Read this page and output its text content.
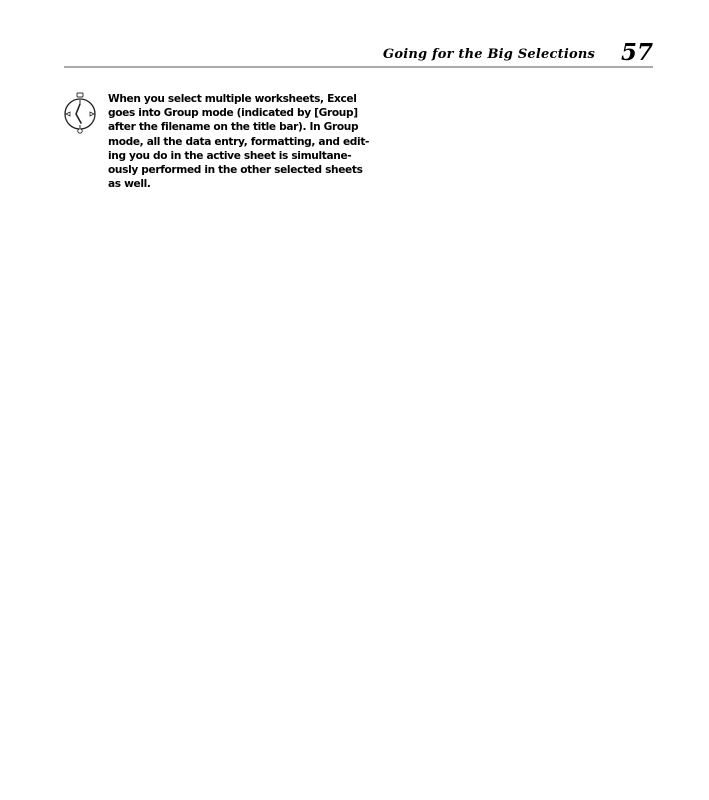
Going for the Big Selections 57

When you select multiple worksheets, Excel
goes into Group mode (indicated by [Group]
after the filename on the title bar). In Group
mode, all the data entry, formatting, and edit-
ing you do in the active sheet is simultane-
ously performed in the other selected sheets
as well.
